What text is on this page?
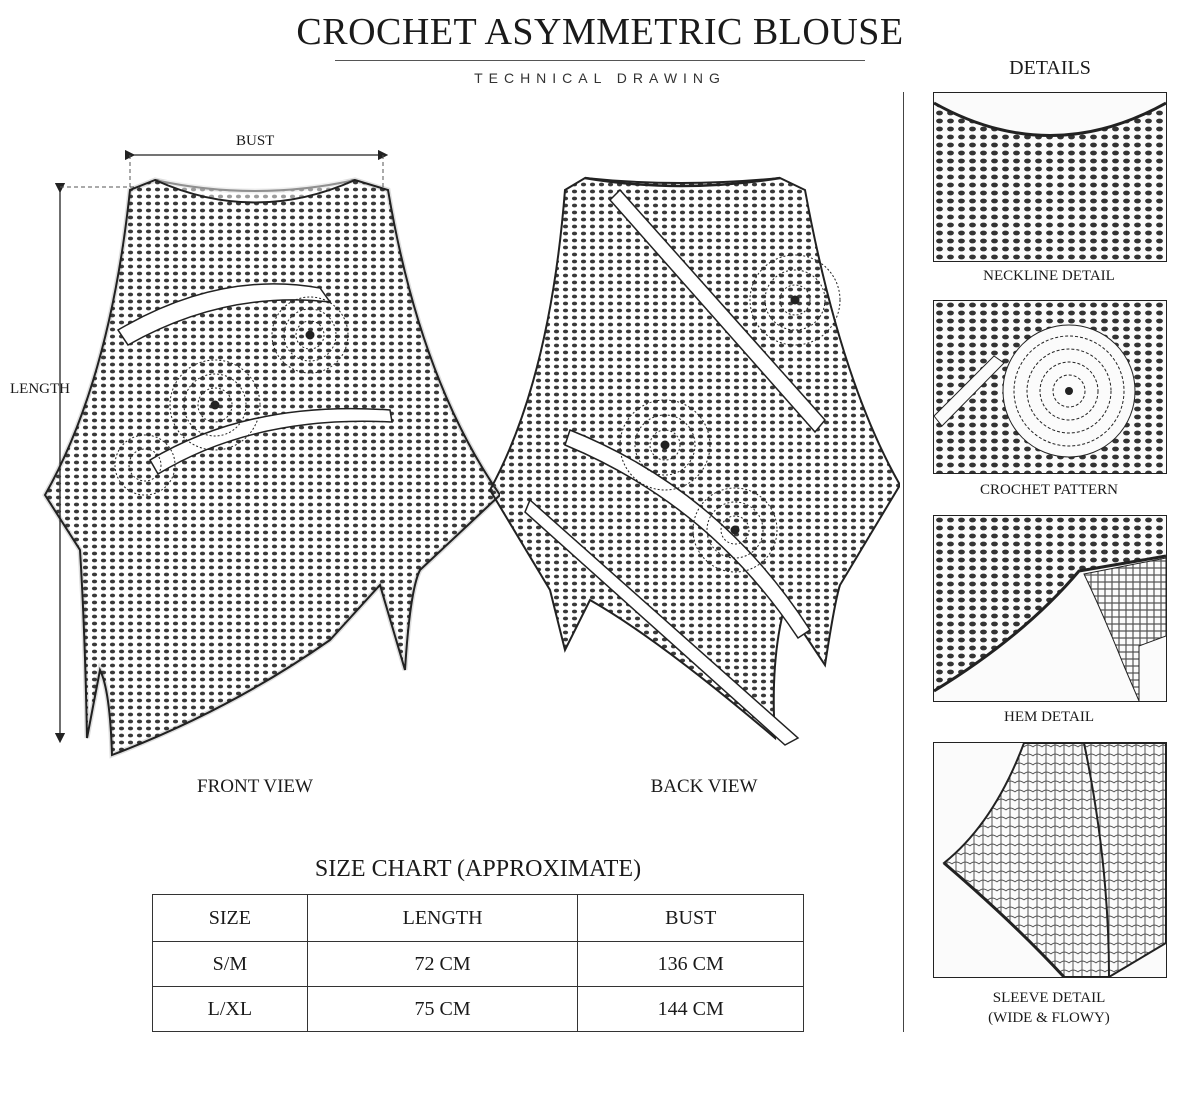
CROCHET ASYMMETRIC BLOUSE
TECHNICAL DRAWING
BUST
LENGTH
FRONT VIEW	BACK VIEW
DETAILS
NECKLINE DETAIL
CROCHET PATTERN
HEM DETAIL
SLEEVE DETAIL
(WIDE & FLOWY)
SIZE CHART (APPROXIMATE)
SIZE	LENGTH	BUST
S/M	72 CM	136 CM
L/XL	75 CM	144 CM
